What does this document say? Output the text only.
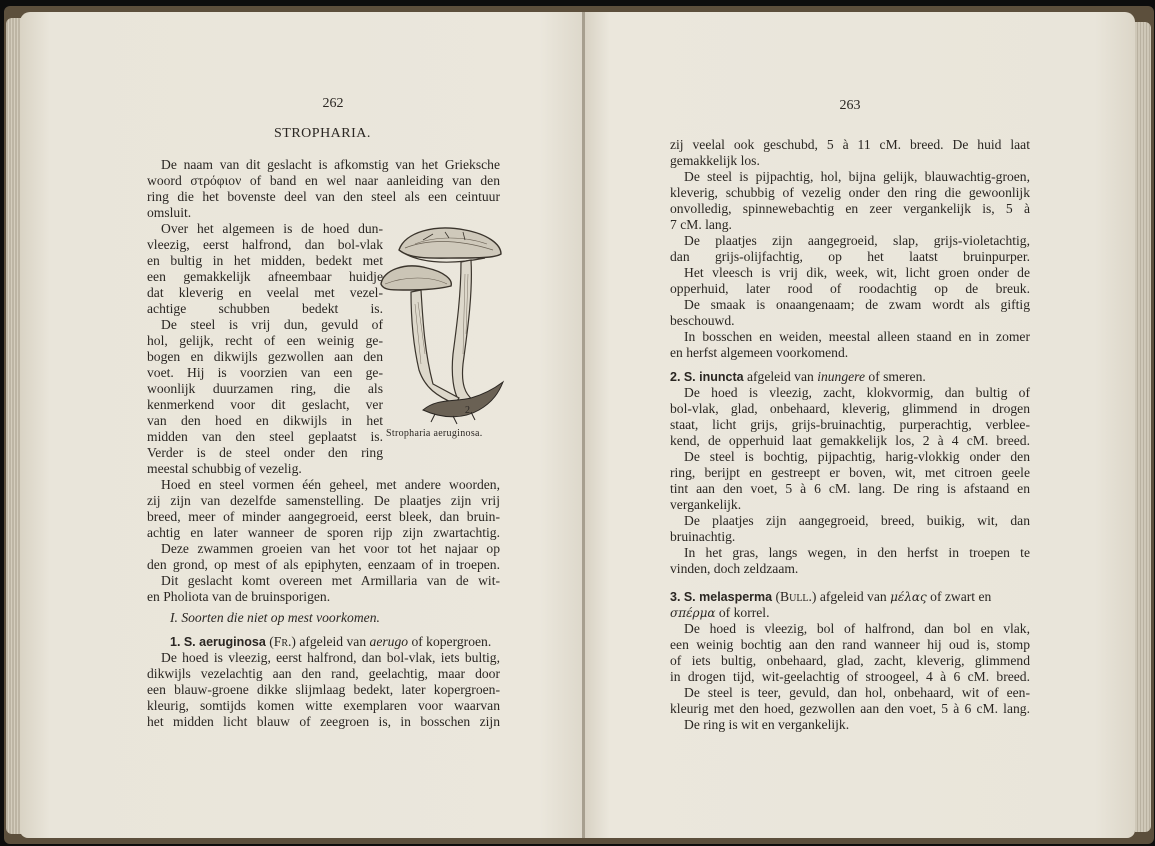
262
STROPHARIA.
De naam van dit geslacht is afkomstig van het Grieksche
woord στρόφιον of band en wel naar aanleiding van den
ring die het bovenste deel van den steel als een ceintuur
omsluit.
Over het algemeen is de hoed dun-
vleezig, eerst halfrond, dan bol-vlak
en bultig in het midden, bedekt met
een gemakkelijk afneembaar huidje
dat kleverig en veelal met vezel-
achtige schubben bedekt is.
De steel is vrij dun, gevuld of
hol, gelijk, recht of een weinig ge-
bogen en dikwijls gezwollen aan den
voet. Hij is voorzien van een ge-
woonlijk duurzamen ring, die als
kenmerkend voor dit geslacht, ver
van den hoed en dikwijls in het
midden van den steel geplaatst is.
Verder is de steel onder den ring
meestal schubbig of vezelig.
Hoed en steel vormen één geheel, met andere woorden,
zij zijn van dezelfde samenstelling. De plaatjes zijn vrij
breed, meer of minder aangegroeid, eerst bleek, dan bruin-
achtig en later wanneer de sporen rijp zijn zwartachtig.
Deze zwammen groeien van het voor tot het najaar op
den grond, op mest of als epiphyten, eenzaam of in troepen.
Dit geslacht komt overeen met Armillaria van de wit-
en Pholiota van de bruinsporigen.
2
Stropharia aeruginosa.
I. Soorten die niet op mest voorkomen.
1. S. aeruginosa (Fr.) afgeleid van aerugo of kopergroen.
De hoed is vleezig, eerst halfrond, dan bol-vlak, iets bultig,
dikwijls vezelachtig aan den rand, geelachtig, maar door
een blauw-groene dikke slijmlaag bedekt, later kopergroen-
kleurig, somtijds komen witte exemplaren voor waarvan
het midden licht blauw of zeegroen is, in bosschen zijn
263
zij veelal ook geschubd, 5 à 11 cM. breed. De huid laat
gemakkelijk los.
De steel is pijpachtig, hol, bijna gelijk, blauwachtig-groen,
kleverig, schubbig of vezelig onder den ring die gewoonlijk
onvolledig, spinnewebachtig en zeer vergankelijk is, 5 à
7 cM. lang.
De plaatjes zijn aangegroeid, slap, grijs-violetachtig,
dan grijs-olijfachtig, op het laatst bruinpurper.
Het vleesch is vrij dik, week, wit, licht groen onder de
opperhuid, later rood of roodachtig op de breuk.
De smaak is onaangenaam; de zwam wordt als giftig
beschouwd.
In bosschen en weiden, meestal alleen staand en in zomer
en herfst algemeen voorkomend.
2. S. inuncta afgeleid van inungere of smeren.
De hoed is vleezig, zacht, klokvormig, dan bultig of
bol-vlak, glad, onbehaard, kleverig, glimmend in drogen
staat, licht grijs, grijs-bruinachtig, purperachtig, verblee-
kend, de opperhuid laat gemakkelijk los, 2 à 4 cM. breed.
De steel is bochtig, pijpachtig, harig-vlokkig onder den
ring, berijpt en gestreept er boven, wit, met citroen geele
tint aan den voet, 5 à 6 cM. lang. De ring is afstaand en
vergankelijk.
De plaatjes zijn aangegroeid, breed, buikig, wit, dan
bruinachtig.
In het gras, langs wegen, in den herfst in troepen te
vinden, doch zeldzaam.
3. S. melasperma (Bull.) afgeleid van μέλας of zwart en
σπέρμα of korrel.
De hoed is vleezig, bol of halfrond, dan bol en vlak,
een weinig bochtig aan den rand wanneer hij oud is, stomp
of iets bultig, onbehaard, glad, zacht, kleverig, glimmend
in drogen tijd, wit-geelachtig of stroogeel, 4 à 6 cM. breed.
De steel is teer, gevuld, dan hol, onbehaard, wit of een-
kleurig met den hoed, gezwollen aan den voet, 5 à 6 cM. lang.
De ring is wit en vergankelijk.
